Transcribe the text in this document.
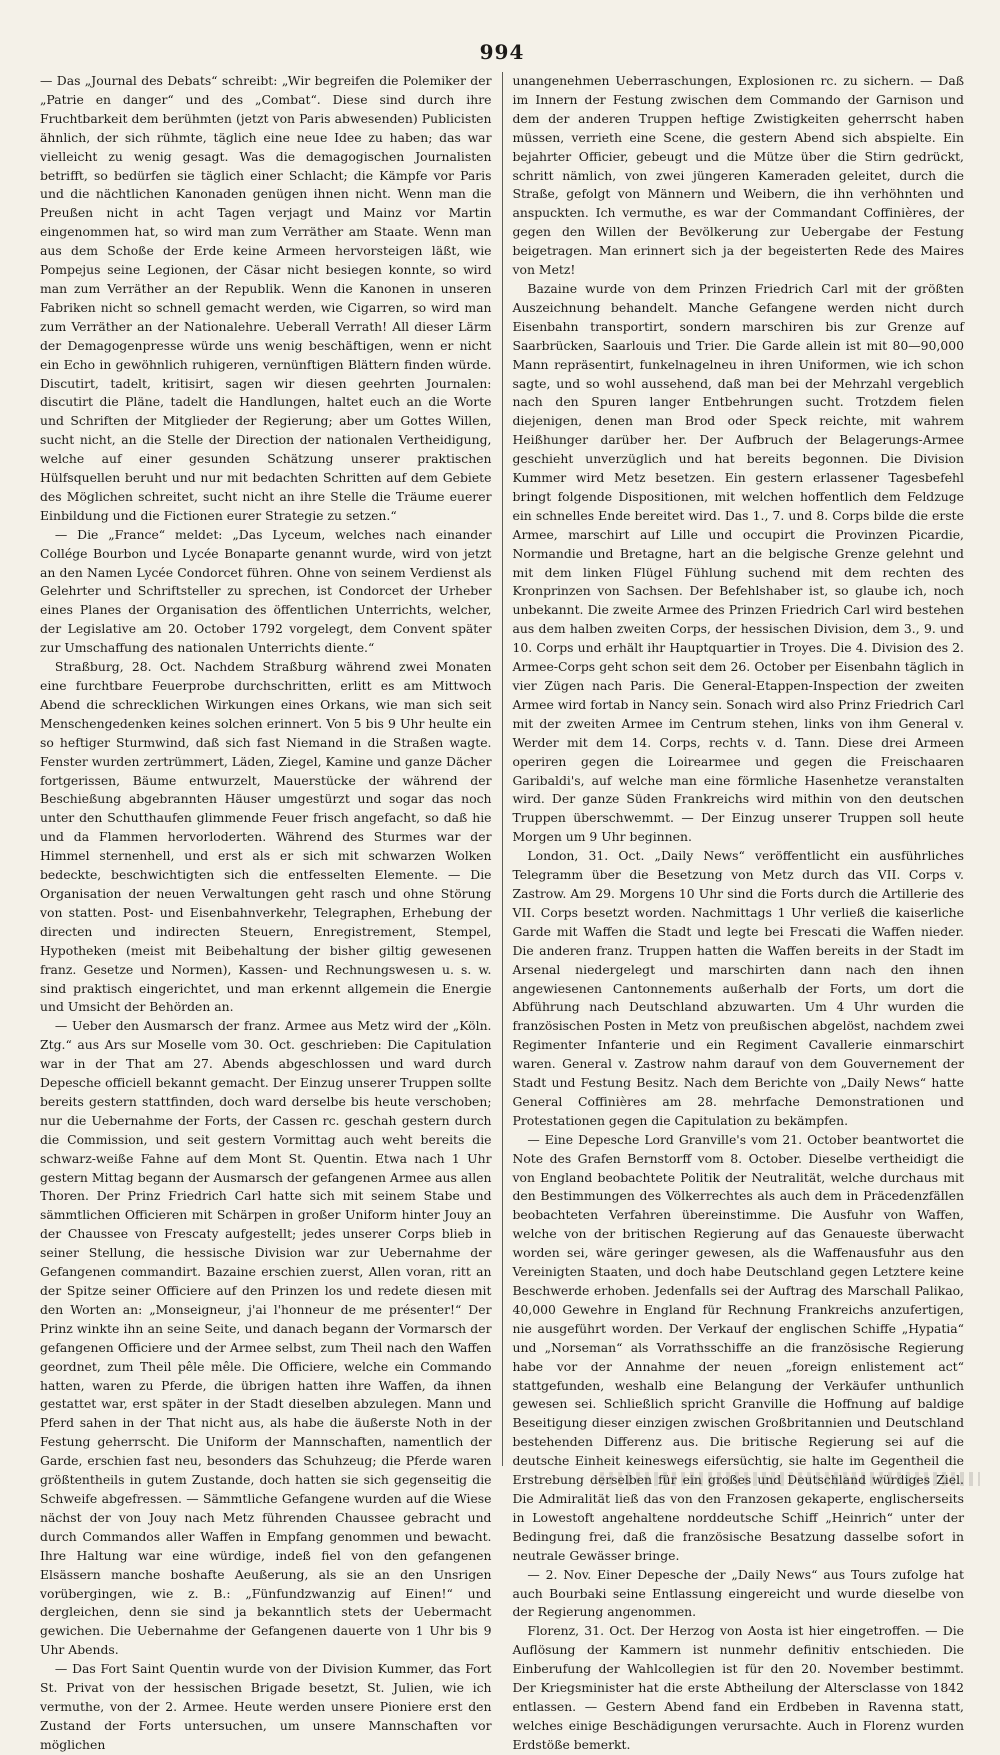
994

— Das „Journal des Debats“ schreibt: „Wir begreifen die Polemiker der „Patrie en danger“ und des „Combat“. Diese sind durch ihre Fruchtbarkeit dem berühmten (jetzt von Paris abwesenden) Publicisten ähnlich, der sich rühmte, täglich eine neue Idee zu haben; das war vielleicht zu wenig gesagt. Was die demagogischen Journalisten betrifft, so bedürfen sie täglich einer Schlacht; die Kämpfe vor Paris und die nächtlichen Kanonaden genügen ihnen nicht. Wenn man die Preußen nicht in acht Tagen verjagt und Mainz vor Martin eingenommen hat, so wird man zum Verräther am Staate. Wenn man aus dem Schoße der Erde keine Armeen hervorsteigen läßt, wie Pompejus seine Legionen, der Cäsar nicht besiegen konnte, so wird man zum Verräther an der Republik. Wenn die Kanonen in unseren Fabriken nicht so schnell gemacht werden, wie Cigarren, so wird man zum Verräther an der Nationalehre. Ueberall Verrath! All dieser Lärm der Demagogenpresse würde uns wenig beschäftigen, wenn er nicht ein Echo in gewöhnlich ruhigeren, vernünftigen Blättern finden würde. Discutirt, tadelt, kritisirt, sagen wir diesen geehrten Journalen: discutirt die Pläne, tadelt die Handlungen, haltet euch an die Worte und Schriften der Mitglieder der Regierung; aber um Gottes Willen, sucht nicht, an die Stelle der Direction der nationalen Vertheidigung, welche auf einer gesunden Schätzung unserer praktischen Hülfsquellen beruht und nur mit bedachten Schritten auf dem Gebiete des Möglichen schreitet, sucht nicht an ihre Stelle die Träume euerer Einbildung und die Fictionen eurer Strategie zu setzen.“

— Die „France“ meldet: „Das Lyceum, welches nach einander Collége Bourbon und Lycée Bonaparte genannt wurde, wird von jetzt an den Namen Lycée Condorcet führen. Ohne von seinem Verdienst als Gelehrter und Schriftsteller zu sprechen, ist Condorcet der Urheber eines Planes der Organisation des öffentlichen Unterrichts, welcher, der Legislative am 20. October 1792 vorgelegt, dem Convent später zur Umschaffung des nationalen Unterrichts diente.“

Straßburg, 28. Oct. Nachdem Straßburg während zwei Monaten eine furchtbare Feuerprobe durchschritten, erlitt es am Mittwoch Abend die schrecklichen Wirkungen eines Orkans, wie man sich seit Menschengedenken keines solchen erinnert. Von 5 bis 9 Uhr heulte ein so heftiger Sturmwind, daß sich fast Niemand in die Straßen wagte. Fenster wurden zertrümmert, Läden, Ziegel, Kamine und ganze Dächer fortgerissen, Bäume entwurzelt, Mauerstücke der während der Beschießung abgebrannten Häuser umgestürzt und sogar das noch unter den Schutthaufen glimmende Feuer frisch angefacht, so daß hie und da Flammen hervorloderten. Während des Sturmes war der Himmel sternenhell, und erst als er sich mit schwarzen Wolken bedeckte, beschwichtigten sich die entfesselten Elemente. — Die Organisation der neuen Verwaltungen geht rasch und ohne Störung von statten. Post- und Eisenbahnverkehr, Telegraphen, Erhebung der directen und indirecten Steuern, Enregistrement, Stempel, Hypotheken (meist mit Beibehaltung der bisher giltig gewesenen franz. Gesetze und Normen), Kassen- und Rechnungswesen u. s. w. sind praktisch eingerichtet, und man erkennt allgemein die Energie und Umsicht der Behörden an.

— Ueber den Ausmarsch der franz. Armee aus Metz wird der „Köln. Ztg.“ aus Ars sur Moselle vom 30. Oct. geschrieben: Die Capitulation war in der That am 27. Abends abgeschlossen und ward durch Depesche officiell bekannt gemacht. Der Einzug unserer Truppen sollte bereits gestern stattfinden, doch ward derselbe bis heute verschoben; nur die Uebernahme der Forts, der Cassen rc. geschah gestern durch die Commission, und seit gestern Vormittag auch weht bereits die schwarz-weiße Fahne auf dem Mont St. Quentin. Etwa nach 1 Uhr gestern Mittag begann der Ausmarsch der gefangenen Armee aus allen Thoren. Der Prinz Friedrich Carl hatte sich mit seinem Stabe und sämmtlichen Officieren mit Schärpen in großer Uniform hinter Jouy an der Chaussee von Frescaty aufgestellt; jedes unserer Corps blieb in seiner Stellung, die hessische Division war zur Uebernahme der Gefangenen commandirt. Bazaine erschien zuerst, Allen voran, ritt an der Spitze seiner Officiere auf den Prinzen los und redete diesen mit den Worten an: „Monseigneur, j'ai l'honneur de me présenter!“ Der Prinz winkte ihn an seine Seite, und danach begann der Vormarsch der gefangenen Officiere und der Armee selbst, zum Theil nach den Waffen geordnet, zum Theil pêle mêle. Die Officiere, welche ein Commando hatten, waren zu Pferde, die übrigen hatten ihre Waffen, da ihnen gestattet war, erst später in der Stadt dieselben abzulegen. Mann und Pferd sahen in der That nicht aus, als habe die äußerste Noth in der Festung geherrscht. Die Uniform der Mannschaften, namentlich der Garde, erschien fast neu, besonders das Schuhzeug; die Pferde waren größtentheils in gutem Zustande, doch hatten sie sich gegenseitig die Schweife abgefressen. — Sämmtliche Gefangene wurden auf die Wiese nächst der von Jouy nach Metz führenden Chaussee gebracht und durch Commandos aller Waffen in Empfang genommen und bewacht. Ihre Haltung war eine würdige, indeß fiel von den gefangenen Elsässern manche boshafte Aeußerung, als sie an den Unsrigen vorübergingen, wie z. B.: „Fünfundzwanzig auf Einen!“ und dergleichen, denn sie sind ja bekanntlich stets der Uebermacht gewichen. Die Uebernahme der Gefangenen dauerte von 1 Uhr bis 9 Uhr Abends.

— Das Fort Saint Quentin wurde von der Division Kummer, das Fort St. Privat von der hessischen Brigade besetzt, St. Julien, wie ich vermuthe, von der 2. Armee. Heute werden unsere Pioniere erst den Zustand der Forts untersuchen, um unsere Mannschaften vor möglichen

unangenehmen Ueberraschungen, Explosionen rc. zu sichern. — Daß im Innern der Festung zwischen dem Commando der Garnison und dem der anderen Truppen heftige Zwistigkeiten geherrscht haben müssen, verrieth eine Scene, die gestern Abend sich abspielte. Ein bejahrter Officier, gebeugt und die Mütze über die Stirn gedrückt, schritt nämlich, von zwei jüngeren Kameraden geleitet, durch die Straße, gefolgt von Männern und Weibern, die ihn verhöhnten und anspuckten. Ich vermuthe, es war der Commandant Coffinières, der gegen den Willen der Bevölkerung zur Uebergabe der Festung beigetragen. Man erinnert sich ja der begeisterten Rede des Maires von Metz!

Bazaine wurde von dem Prinzen Friedrich Carl mit der größten Auszeichnung behandelt. Manche Gefangene werden nicht durch Eisenbahn transportirt, sondern marschiren bis zur Grenze auf Saarbrücken, Saarlouis und Trier. Die Garde allein ist mit 80—90,000 Mann repräsentirt, funkelnagelneu in ihren Uniformen, wie ich schon sagte, und so wohl aussehend, daß man bei der Mehrzahl vergeblich nach den Spuren langer Entbehrungen sucht. Trotzdem fielen diejenigen, denen man Brod oder Speck reichte, mit wahrem Heißhunger darüber her. Der Aufbruch der Belagerungs-Armee geschieht unverzüglich und hat bereits begonnen. Die Division Kummer wird Metz besetzen. Ein gestern erlassener Tagesbefehl bringt folgende Dispositionen, mit welchen hoffentlich dem Feldzuge ein schnelles Ende bereitet wird. Das 1., 7. und 8. Corps bilde die erste Armee, marschirt auf Lille und occupirt die Provinzen Picardie, Normandie und Bretagne, hart an die belgische Grenze gelehnt und mit dem linken Flügel Fühlung suchend mit dem rechten des Kronprinzen von Sachsen. Der Befehlshaber ist, so glaube ich, noch unbekannt. Die zweite Armee des Prinzen Friedrich Carl wird bestehen aus dem halben zweiten Corps, der hessischen Division, dem 3., 9. und 10. Corps und erhält ihr Hauptquartier in Troyes. Die 4. Division des 2. Armee-Corps geht schon seit dem 26. October per Eisenbahn täglich in vier Zügen nach Paris. Die General-Etappen-Inspection der zweiten Armee wird fortab in Nancy sein. Sonach wird also Prinz Friedrich Carl mit der zweiten Armee im Centrum stehen, links von ihm General v. Werder mit dem 14. Corps, rechts v. d. Tann. Diese drei Armeen operiren gegen die Loirearmee und gegen die Freischaaren Garibaldi's, auf welche man eine förmliche Hasenhetze veranstalten wird. Der ganze Süden Frankreichs wird mithin von den deutschen Truppen überschwemmt. — Der Einzug unserer Truppen soll heute Morgen um 9 Uhr beginnen.

London, 31. Oct. „Daily News“ veröffentlicht ein ausführliches Telegramm über die Besetzung von Metz durch das VII. Corps v. Zastrow. Am 29. Morgens 10 Uhr sind die Forts durch die Artillerie des VII. Corps besetzt worden. Nachmittags 1 Uhr verließ die kaiserliche Garde mit Waffen die Stadt und legte bei Frescati die Waffen nieder. Die anderen franz. Truppen hatten die Waffen bereits in der Stadt im Arsenal niedergelegt und marschirten dann nach den ihnen angewiesenen Cantonnements außerhalb der Forts, um dort die Abführung nach Deutschland abzuwarten. Um 4 Uhr wurden die französischen Posten in Metz von preußischen abgelöst, nachdem zwei Regimenter Infanterie und ein Regiment Cavallerie einmarschirt waren. General v. Zastrow nahm darauf von dem Gouvernement der Stadt und Festung Besitz. Nach dem Berichte von „Daily News“ hatte General Coffinières am 28. mehrfache Demonstrationen und Protestationen gegen die Capitulation zu bekämpfen.

— Eine Depesche Lord Granville's vom 21. October beantwortet die Note des Grafen Bernstorff vom 8. October. Dieselbe vertheidigt die von England beobachtete Politik der Neutralität, welche durchaus mit den Bestimmungen des Völkerrechtes als auch dem in Präcedenzfällen beobachteten Verfahren übereinstimme. Die Ausfuhr von Waffen, welche von der britischen Regierung auf das Genaueste überwacht worden sei, wäre geringer gewesen, als die Waffenausfuhr aus den Vereinigten Staaten, und doch habe Deutschland gegen Letztere keine Beschwerde erhoben. Jedenfalls sei der Auftrag des Marschall Palikao, 40,000 Gewehre in England für Rechnung Frankreichs anzufertigen, nie ausgeführt worden. Der Verkauf der englischen Schiffe „Hypatia“ und „Norseman“ als Vorrathsschiffe an die französische Regierung habe vor der Annahme der neuen „foreign enlistement act“ stattgefunden, weshalb eine Belangung der Verkäufer unthunlich gewesen sei. Schließlich spricht Granville die Hoffnung auf baldige Beseitigung dieser einzigen zwischen Großbritannien und Deutschland bestehenden Differenz aus. Die britische Regierung sei auf die deutsche Einheit keineswegs eifersüchtig, sie halte im Gegentheil die Erstrebung derselben für ein großes und Deutschland würdiges Ziel. Die Admiralität ließ das von den Franzosen gekaperte, englischerseits in Lowestoft angehaltene norddeutsche Schiff „Heinrich“ unter der Bedingung frei, daß die französische Besatzung dasselbe sofort in neutrale Gewässer bringe.

— 2. Nov. Einer Depesche der „Daily News“ aus Tours zufolge hat auch Bourbaki seine Entlassung eingereicht und wurde dieselbe von der Regierung angenommen.

Florenz, 31. Oct. Der Herzog von Aosta ist hier eingetroffen. — Die Auflösung der Kammern ist nunmehr definitiv entschieden. Die Einberufung der Wahlcollegien ist für den 20. November bestimmt. Der Kriegsminister hat die erste Abtheilung der Altersclasse von 1842 entlassen. — Gestern Abend fand ein Erdbeben in Ravenna statt, welches einige Beschädigungen verursachte. Auch in Florenz wurden Erdstöße bemerkt.
